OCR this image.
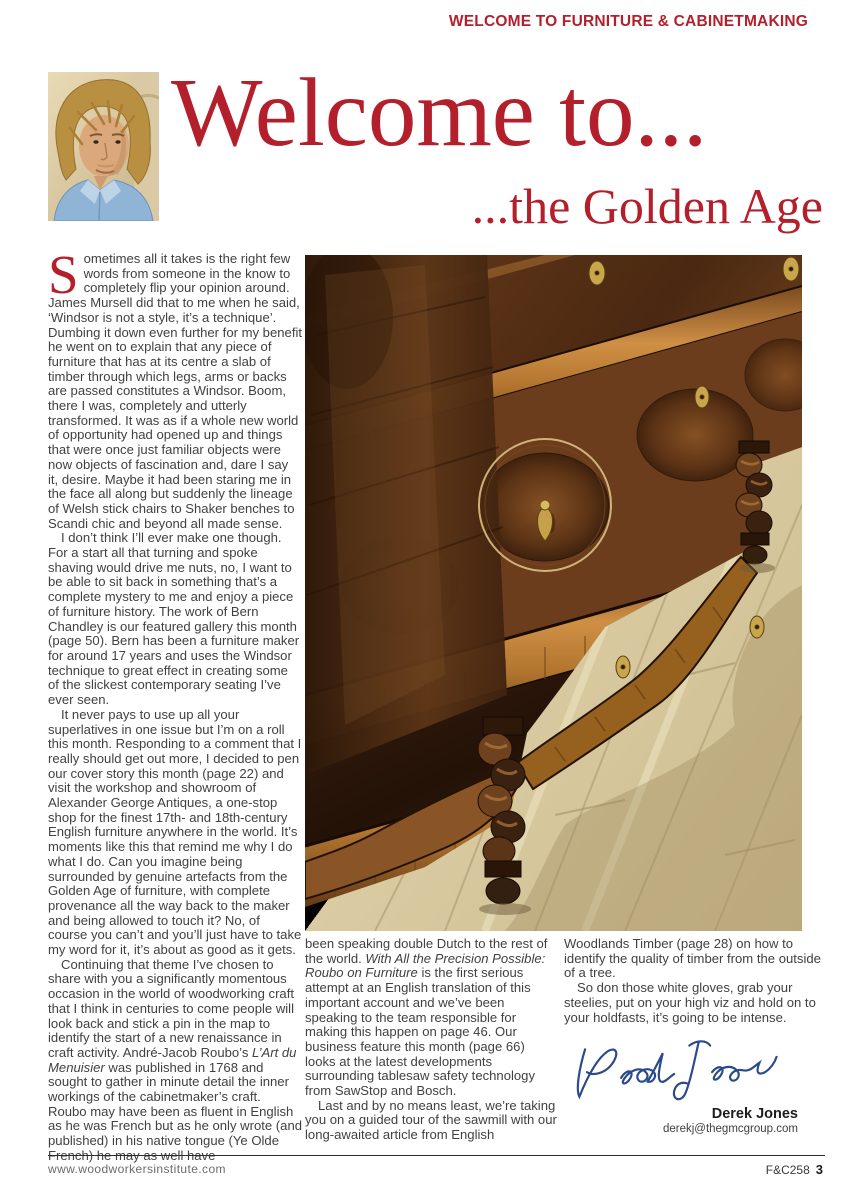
WELCOME TO FURNITURE & CABINETMAKING
Welcome to...
...the Golden Age

Sometimes all it takes is the right few words from someone in the know to completely flip your opinion around. James Mursell did that to me when he said, ‘Windsor is not a style, it’s a technique’. Dumbing it down even further for my benefit he went on to explain that any piece of furniture that has at its centre a slab of timber through which legs, arms or backs are passed constitutes a Windsor. Boom, there I was, completely and utterly transformed. It was as if a whole new world of opportunity had opened up and things that were once just familiar objects were now objects of fascination and, dare I say it, desire. Maybe it had been staring me in the face all along but suddenly the lineage of Welsh stick chairs to Shaker benches to Scandi chic and beyond all made sense.

I don’t think I’ll ever make one though. For a start all that turning and spoke shaving would drive me nuts, no, I want to be able to sit back in something that’s a complete mystery to me and enjoy a piece of furniture history. The work of Bern Chandley is our featured gallery this month (page 50). Bern has been a furniture maker for around 17 years and uses the Windsor technique to great effect in creating some of the slickest contemporary seating I’ve ever seen.

It never pays to use up all your superlatives in one issue but I’m on a roll this month. Responding to a comment that I really should get out more, I decided to pen our cover story this month (page 22) and visit the workshop and showroom of Alexander George Antiques, a one-stop shop for the finest 17th- and 18th-century English furniture anywhere in the world. It’s moments like this that remind me why I do what I do. Can you imagine being surrounded by genuine artefacts from the Golden Age of furniture, with complete provenance all the way back to the maker and being allowed to touch it? No, of course you can’t and you’ll just have to take my word for it, it’s about as good as it gets.

Continuing that theme I’ve chosen to share with you a significantly momentous occasion in the world of woodworking craft that I think in centuries to come people will look back and stick a pin in the map to identify the start of a new renaissance in craft activity. André-Jacob Roubo’s L’Art du Menuisier was published in 1768 and sought to gather in minute detail the inner workings of the cabinetmaker’s craft. Roubo may have been as fluent in English as he was French but as he only wrote (and published) in his native tongue (Ye Olde French) he may as well have

been speaking double Dutch to the rest of the world. With All the Precision Possible: Roubo on Furniture is the first serious attempt at an English translation of this important account and we’ve been speaking to the team responsible for making this happen on page 46. Our business feature this month (page 66) looks at the latest developments surrounding tablesaw safety technology from SawStop and Bosch.

Last and by no means least, we’re taking you on a guided tour of the sawmill with our long-awaited article from English

Woodlands Timber (page 28) on how to identify the quality of timber from the outside of a tree.

So don those white gloves, grab your steelies, put on your high viz and hold on to your holdfasts, it’s going to be intense.

Derek Jones
derekj@thegmcgroup.com
www.woodworkersinstitute.com	F&C258 3
